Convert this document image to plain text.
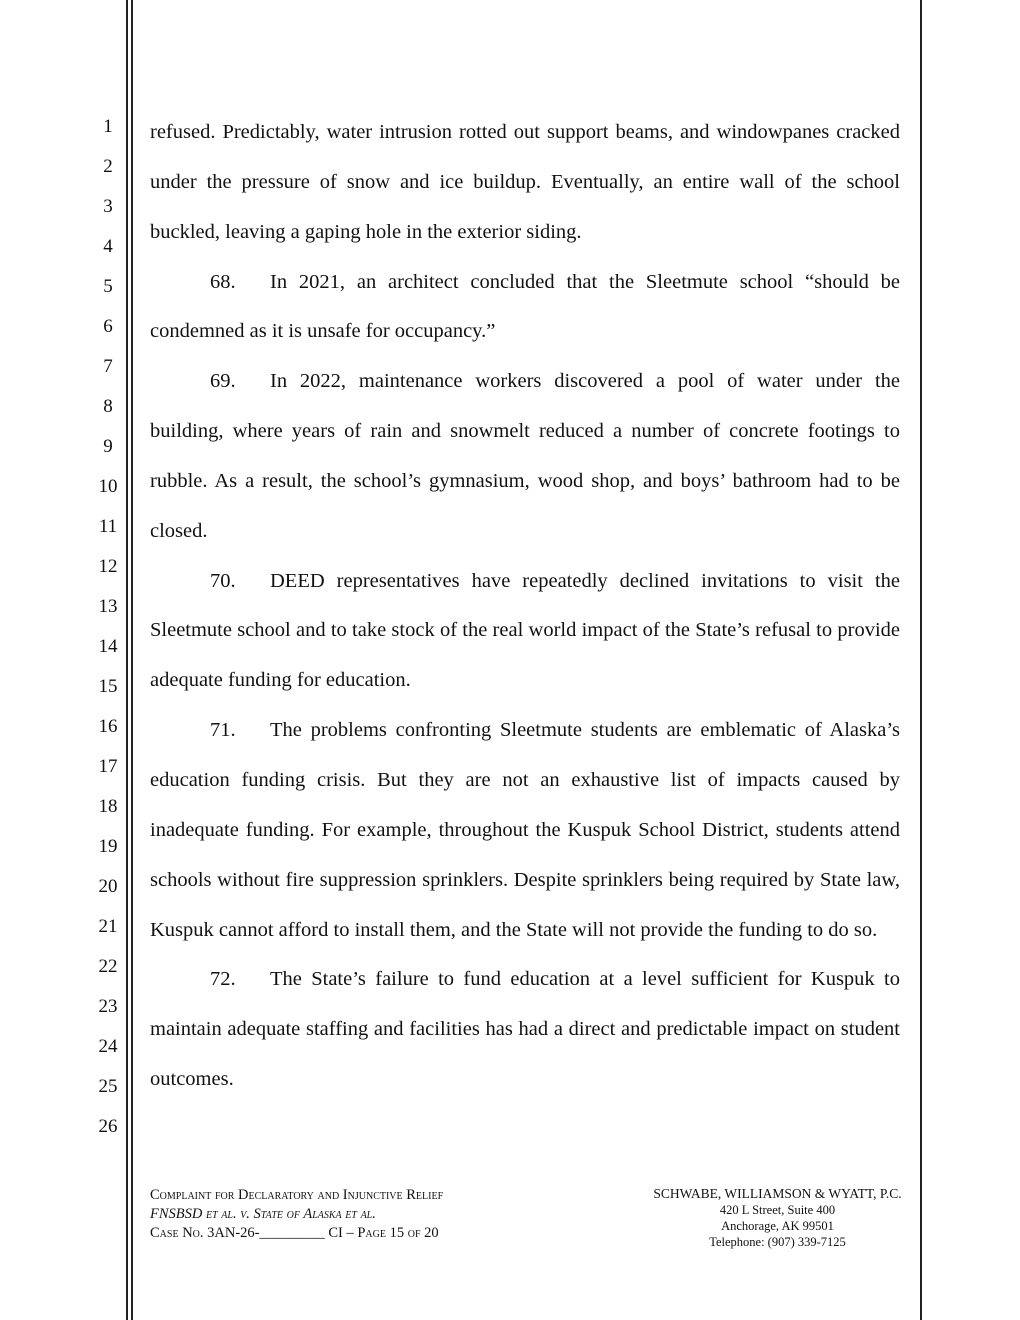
1
2
3
4
5
6
7
8
9
10
11
12
13
14
15
16
17
18
19
20
21
22
23
24
25
26

refused. Predictably, water intrusion rotted out support beams, and windowpanes cracked under the pressure of snow and ice buildup. Eventually, an entire wall of the school buckled, leaving a gaping hole in the exterior siding.

68. In 2021, an architect concluded that the Sleetmute school “should be condemned as it is unsafe for occupancy.”

69. In 2022, maintenance workers discovered a pool of water under the building, where years of rain and snowmelt reduced a number of concrete footings to rubble. As a result, the school’s gymnasium, wood shop, and boys’ bathroom had to be closed.

70. DEED representatives have repeatedly declined invitations to visit the Sleetmute school and to take stock of the real world impact of the State’s refusal to provide adequate funding for education.

71. The problems confronting Sleetmute students are emblematic of Alaska’s education funding crisis. But they are not an exhaustive list of impacts caused by inadequate funding. For example, throughout the Kuspuk School District, students attend schools without fire suppression sprinklers. Despite sprinklers being required by State law, Kuspuk cannot afford to install them, and the State will not provide the funding to do so.

72. The State’s failure to fund education at a level sufficient for Kuspuk to maintain adequate staffing and facilities has had a direct and predictable impact on student outcomes.

Complaint for Declaratory and Injunctive Relief
FNSBSD et al. v. State of Alaska et al.
Case No. 3AN-26-_________ CI – Page 15 of 20
SCHWABE, WILLIAMSON & WYATT, P.C.
420 L Street, Suite 400
Anchorage, AK 99501
Telephone: (907) 339-7125
